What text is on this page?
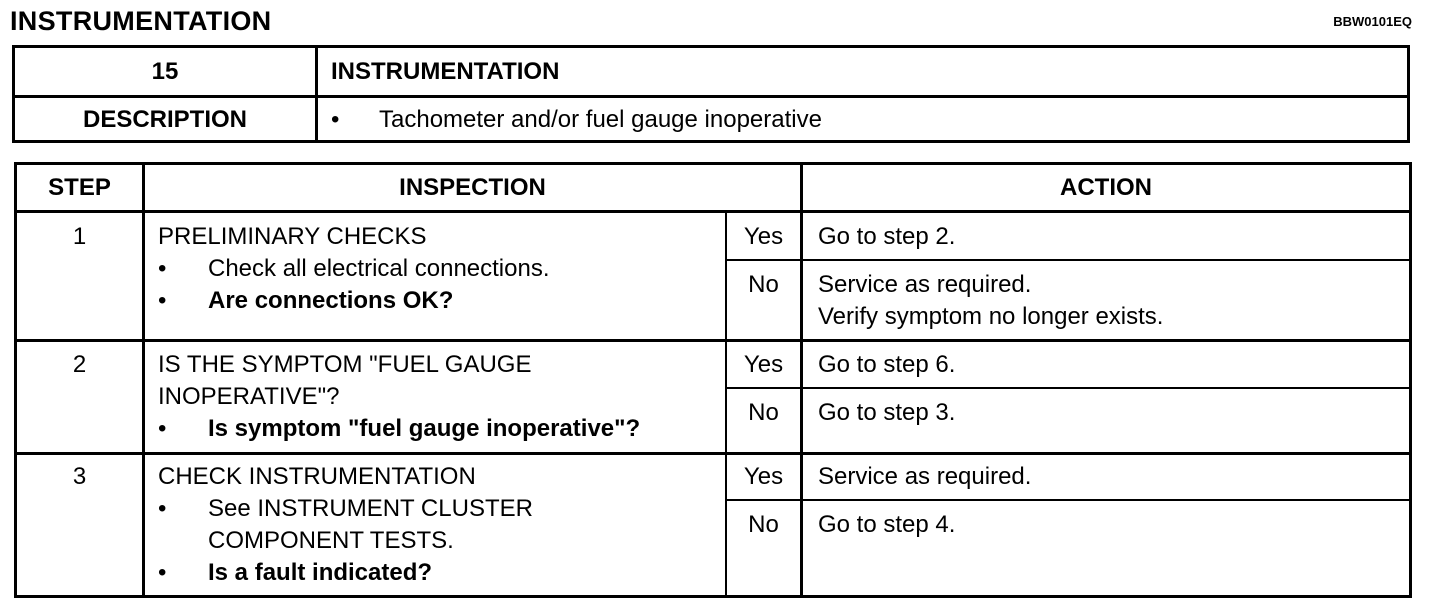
INSTRUMENTATION	BBW0101EQ
15	INSTRUMENTATION
DESCRIPTION	• Tachometer and/or fuel gauge inoperative
STEP	INSPECTION	ACTION
1	PRELIMINARY CHECKS
• Check all electrical connections.
• Are connections OK?
Yes	Go to step 2.
No	Service as required.
Verify symptom no longer exists.
2	IS THE SYMPTOM "FUEL GAUGE
INOPERATIVE"?
• Is symptom "fuel gauge inoperative"?
Yes	Go to step 6.
No	Go to step 3.
3	CHECK INSTRUMENTATION
• See INSTRUMENT CLUSTER
COMPONENT TESTS.
• Is a fault indicated?
Yes	Service as required.
No	Go to step 4.
